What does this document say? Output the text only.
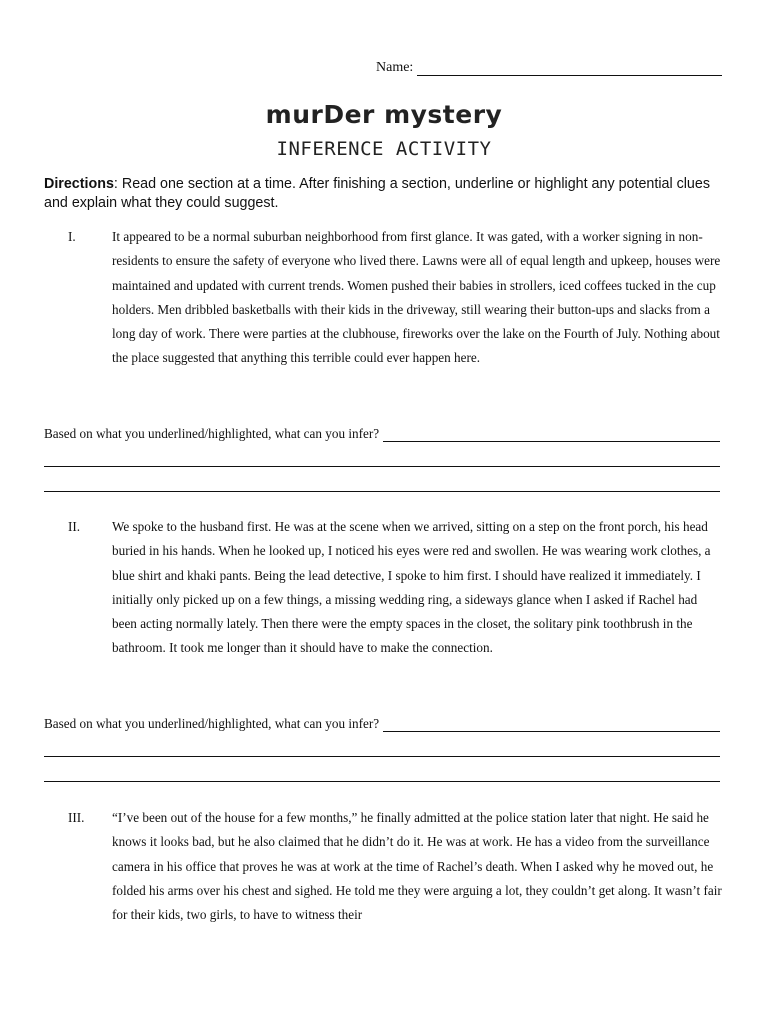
Name:
murDer mystery
INFERENCE ACTIVITY
Directions: Read one section at a time. After finishing a section, underline or highlight any potential clues and explain what they could suggest.
I.	It appeared to be a normal suburban neighborhood from first glance. It was gated, with a worker signing in non-residents to ensure the safety of everyone who lived there. Lawns were all of equal length and upkeep, houses were maintained and updated with current trends. Women pushed their babies in strollers, iced coffees tucked in the cup holders. Men dribbled basketballs with their kids in the driveway, still wearing their button-ups and slacks from a long day of work. There were parties at the clubhouse, fireworks over the lake on the Fourth of July. Nothing about the place suggested that anything this terrible could ever happen here.
Based on what you underlined/highlighted, what can you infer?
II. We spoke to the husband first. He was at the scene when we arrived, sitting on a step on the front porch, his head buried in his hands. When he looked up, I noticed his eyes were red and swollen. He was wearing work clothes, a blue shirt and khaki pants. Being the lead detective, I spoke to him first. I should have realized it immediately. I initially only picked up on a few things, a missing wedding ring, a sideways glance when I asked if Rachel had been acting normally lately. Then there were the empty spaces in the closet, the solitary pink toothbrush in the bathroom. It took me longer than it should have to make the connection.
Based on what you underlined/highlighted, what can you infer?
III. “I’ve been out of the house for a few months,” he finally admitted at the police station later that night. He said he knows it looks bad, but he also claimed that he didn’t do it. He was at work. He has a video from the surveillance camera in his office that proves he was at work at the time of Rachel’s death. When I asked why he moved out, he folded his arms over his chest and sighed. He told me they were arguing a lot, they couldn’t get along. It wasn’t fair for their kids, two girls, to have to witness their
